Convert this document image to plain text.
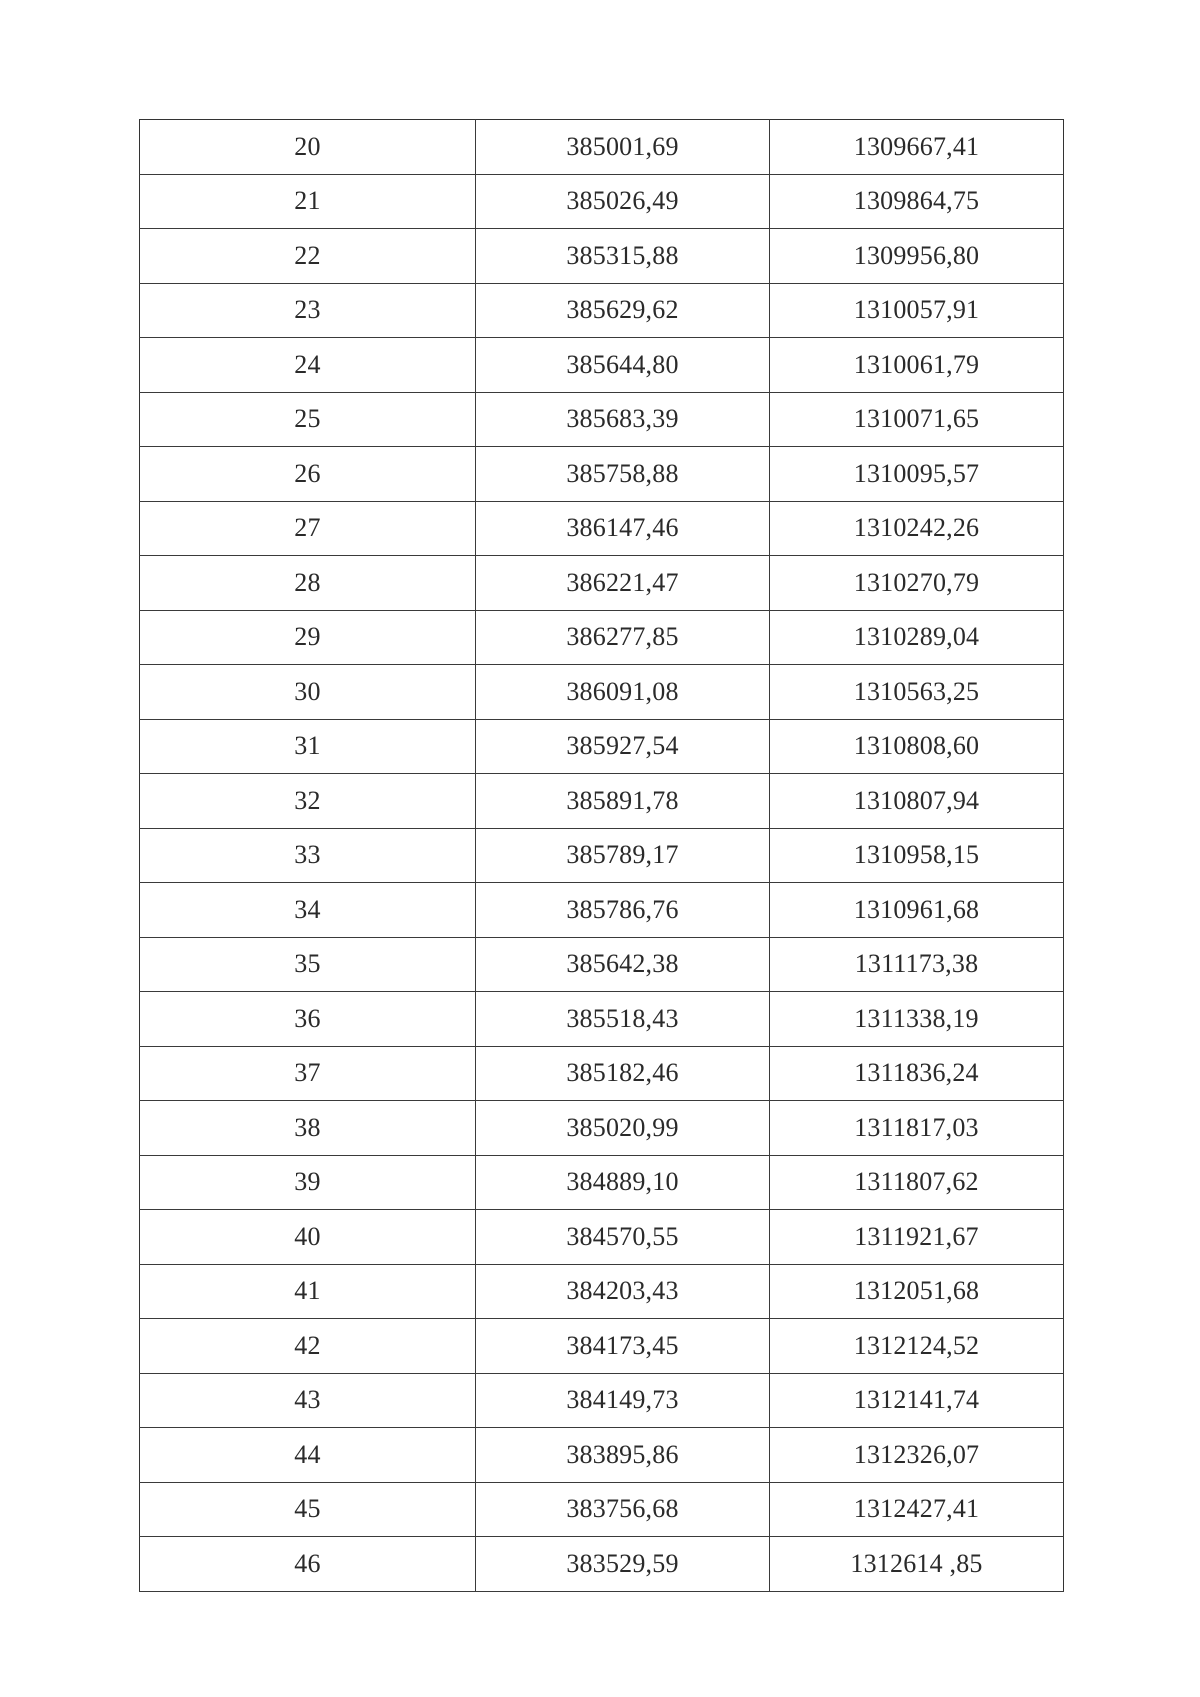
20	385001,69	1309667,41
21	385026,49	1309864,75
22	385315,88	1309956,80
23	385629,62	1310057,91
24	385644,80	1310061,79
25	385683,39	1310071,65
26	385758,88	1310095,57
27	386147,46	1310242,26
28	386221,47	1310270,79
29	386277,85	1310289,04
30	386091,08	1310563,25
31	385927,54	1310808,60
32	385891,78	1310807,94
33	385789,17	1310958,15
34	385786,76	1310961,68
35	385642,38	1311173,38
36	385518,43	1311338,19
37	385182,46	1311836,24
38	385020,99	1311817,03
39	384889,10	1311807,62
40	384570,55	1311921,67
41	384203,43	1312051,68
42	384173,45	1312124,52
43	384149,73	1312141,74
44	383895,86	1312326,07
45	383756,68	1312427,41
46	383529,59	1312614 ,85
